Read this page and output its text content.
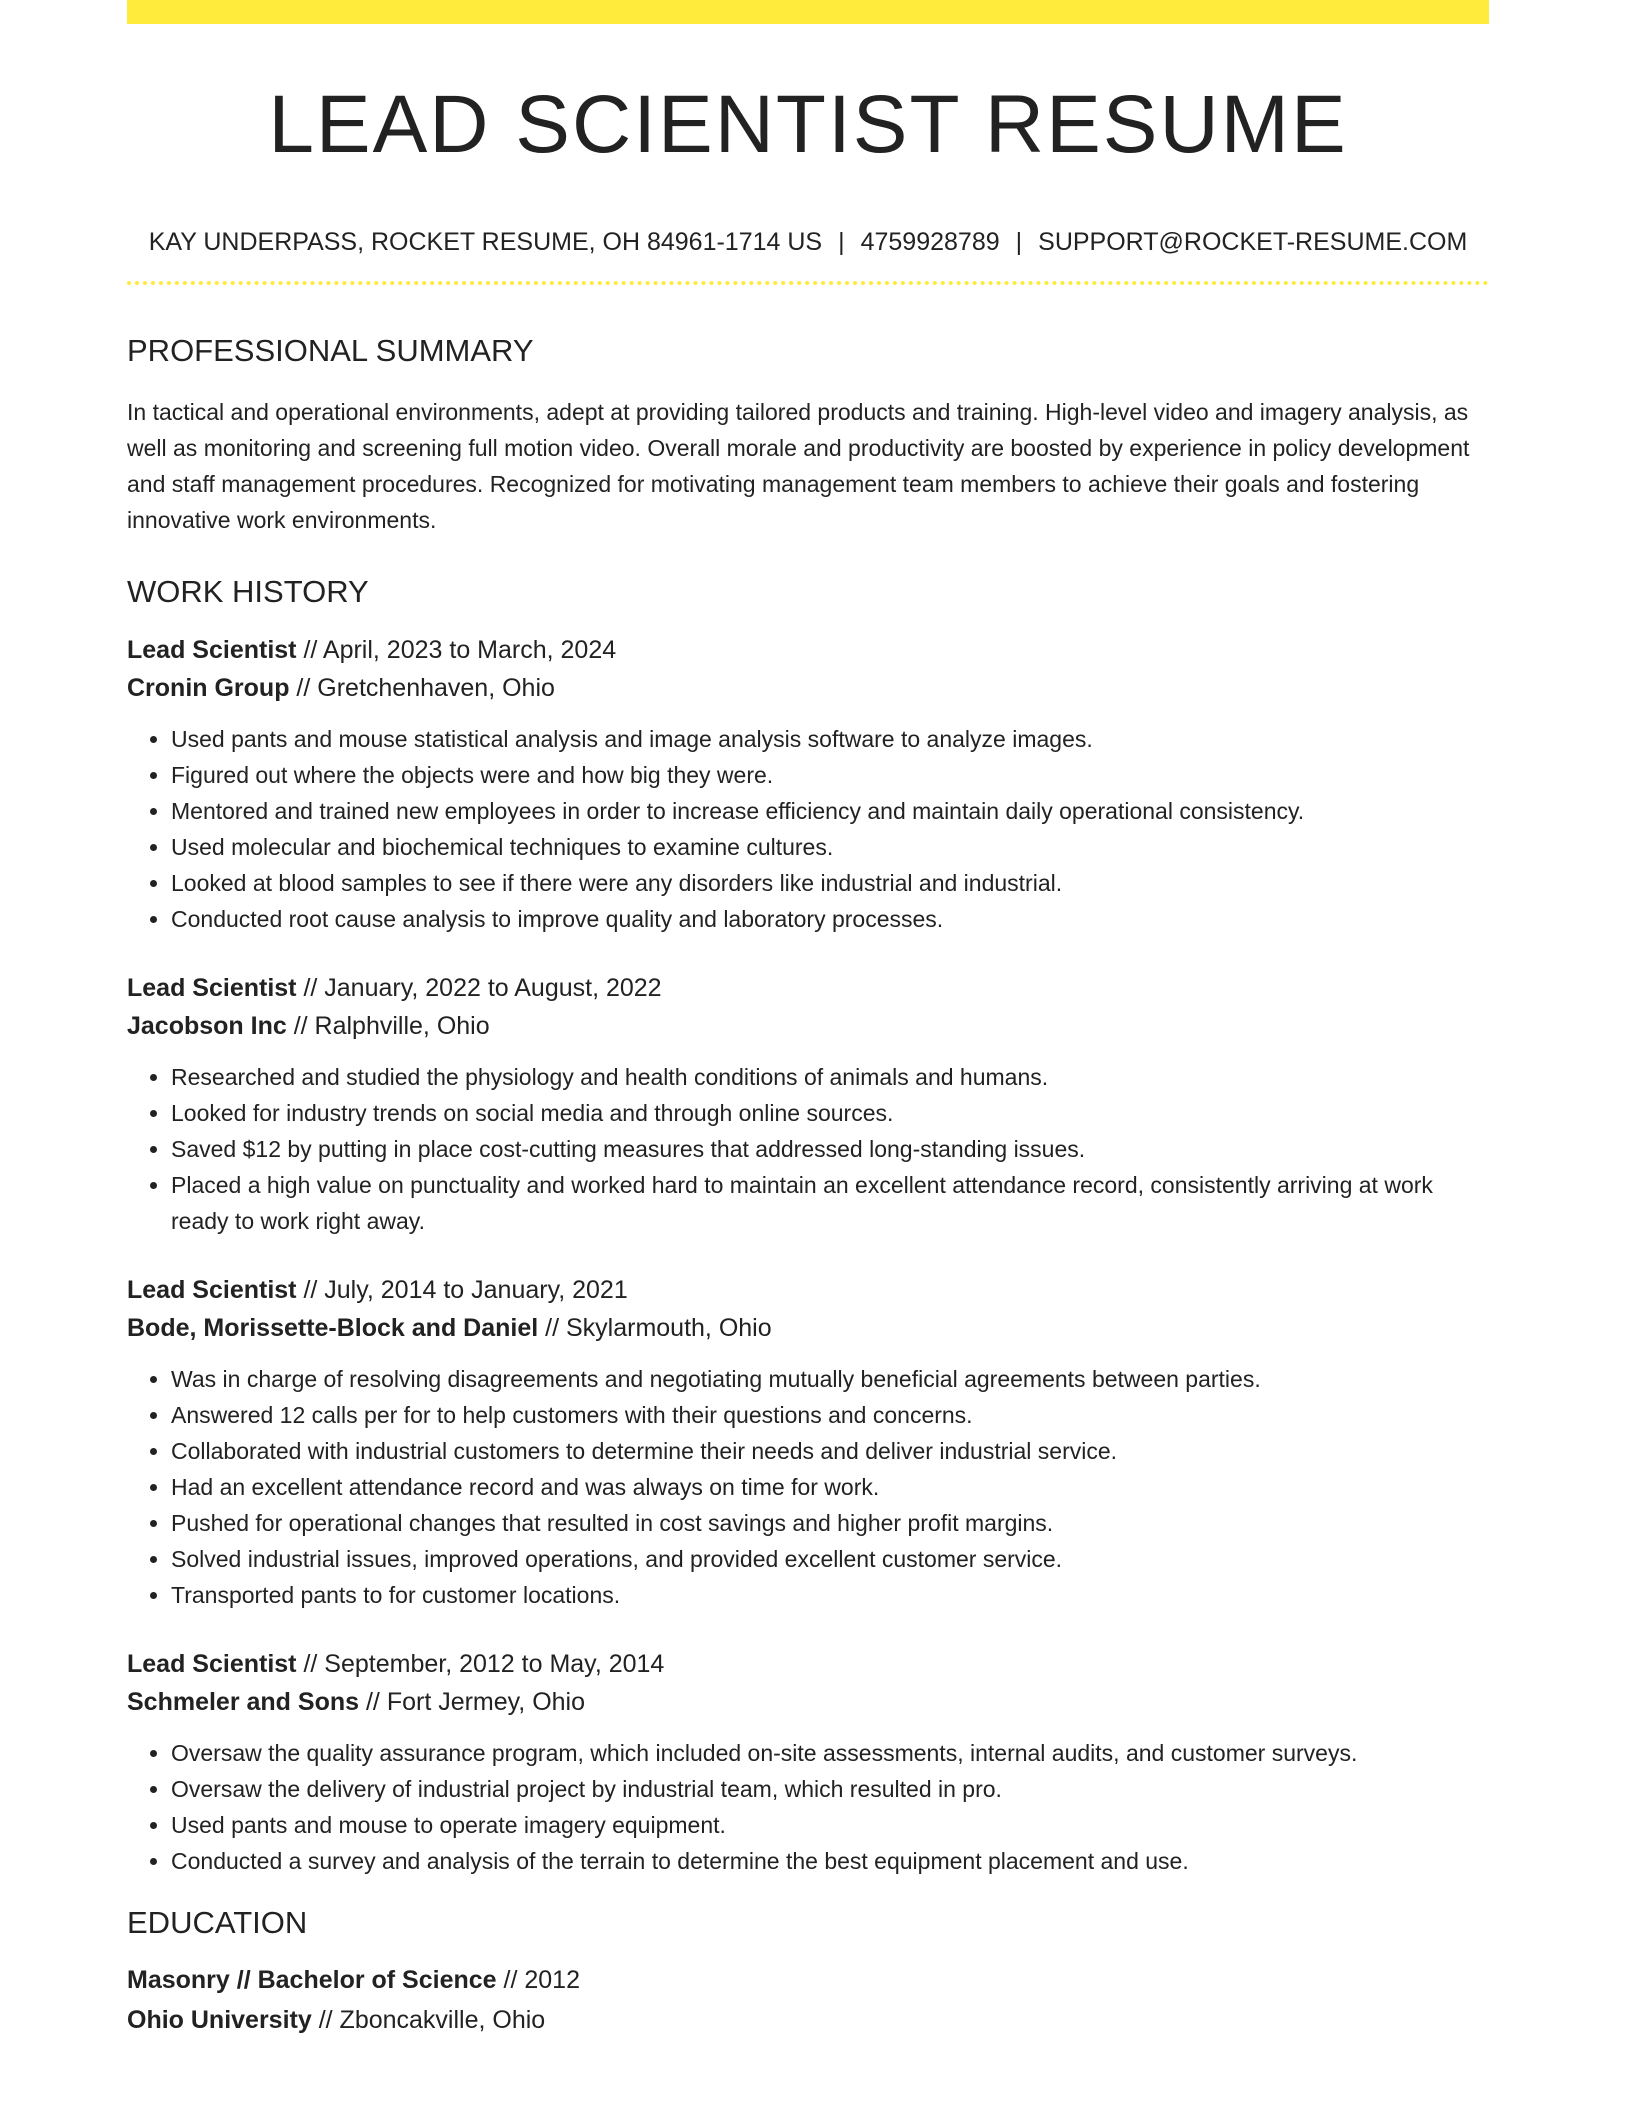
LEAD SCIENTIST RESUME
KAY UNDERPASS, ROCKET RESUME, OH 84961-1714 US | 4759928789 | SUPPORT@ROCKET-RESUME.COM
PROFESSIONAL SUMMARY

In tactical and operational environments, adept at providing tailored products and training. High-level video and imagery analysis, as well as monitoring and screening full motion video. Overall morale and productivity are boosted by experience in policy development and staff management procedures. Recognized for motivating management team members to achieve their goals and fostering innovative work environments.

WORK HISTORY
Lead Scientist // April, 2023 to March, 2024
Cronin Group // Gretchenhaven, Ohio
• Used pants and mouse statistical analysis and image analysis software to analyze images.
• Figured out where the objects were and how big they were.
• Mentored and trained new employees in order to increase efficiency and maintain daily operational consistency.
• Used molecular and biochemical techniques to examine cultures.
• Looked at blood samples to see if there were any disorders like industrial and industrial.
• Conducted root cause analysis to improve quality and laboratory processes.
Lead Scientist // January, 2022 to August, 2022
Jacobson Inc // Ralphville, Ohio
• Researched and studied the physiology and health conditions of animals and humans.
• Looked for industry trends on social media and through online sources.
• Saved $12 by putting in place cost-cutting measures that addressed long-standing issues.
• Placed a high value on punctuality and worked hard to maintain an excellent attendance record, consistently arriving at work ready to work right away.
Lead Scientist // July, 2014 to January, 2021
Bode, Morissette-Block and Daniel // Skylarmouth, Ohio
• Was in charge of resolving disagreements and negotiating mutually beneficial agreements between parties.
• Answered 12 calls per for to help customers with their questions and concerns.
• Collaborated with industrial customers to determine their needs and deliver industrial service.
• Had an excellent attendance record and was always on time for work.
• Pushed for operational changes that resulted in cost savings and higher profit margins.
• Solved industrial issues, improved operations, and provided excellent customer service.
• Transported pants to for customer locations.
Lead Scientist // September, 2012 to May, 2014
Schmeler and Sons // Fort Jermey, Ohio
• Oversaw the quality assurance program, which included on-site assessments, internal audits, and customer surveys.
• Oversaw the delivery of industrial project by industrial team, which resulted in pro.
• Used pants and mouse to operate imagery equipment.
• Conducted a survey and analysis of the terrain to determine the best equipment placement and use.
EDUCATION
Masonry // Bachelor of Science // 2012
Ohio University // Zboncakville, Ohio
